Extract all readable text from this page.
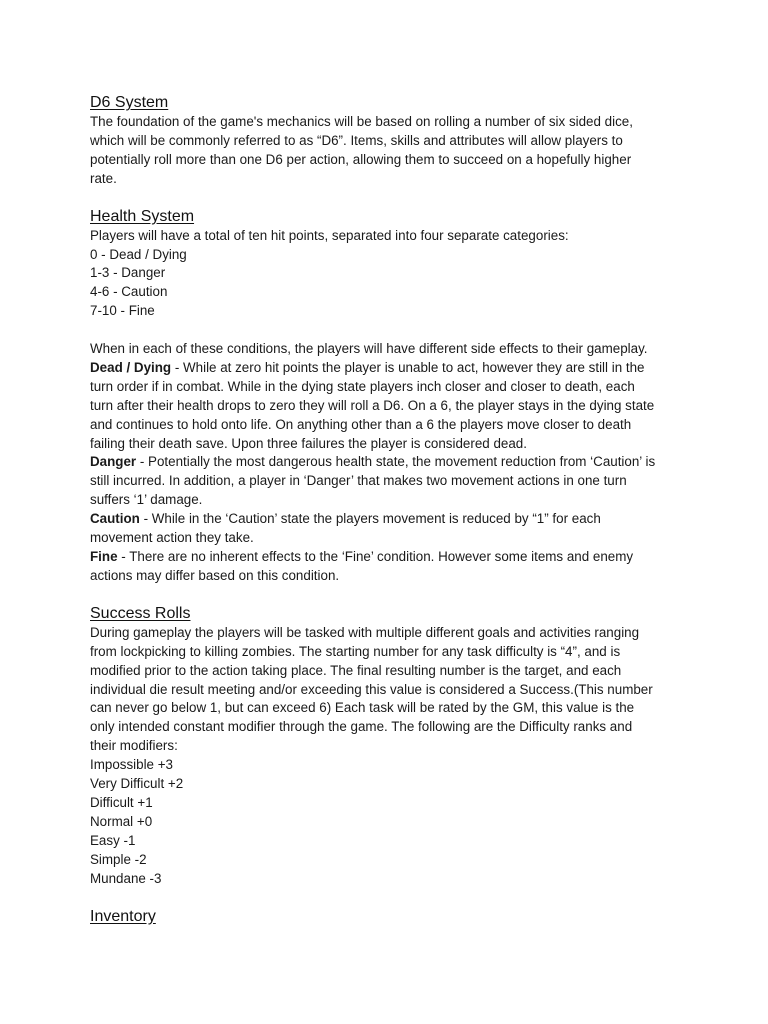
D6 System
The foundation of the game's mechanics will be based on rolling a number of six sided dice,
which will be commonly referred to as “D6”. Items, skills and attributes will allow players to
potentially roll more than one D6 per action, allowing them to succeed on a hopefully higher
rate.
Health System
Players will have a total of ten hit points, separated into four separate categories:
0 - Dead / Dying
1-3 - Danger
4-6 - Caution
7-10 - Fine
When in each of these conditions, the players will have different side effects to their gameplay.
Dead / Dying - While at zero hit points the player is unable to act, however they are still in the
turn order if in combat. While in the dying state players inch closer and closer to death, each
turn after their health drops to zero they will roll a D6. On a 6, the player stays in the dying state
and continues to hold onto life. On anything other than a 6 the players move closer to death
failing their death save. Upon three failures the player is considered dead.
Danger - Potentially the most dangerous health state, the movement reduction from ‘Caution’ is
still incurred. In addition, a player in ‘Danger’ that makes two movement actions in one turn
suffers ‘1’ damage.
Caution - While in the ‘Caution’ state the players movement is reduced by “1” for each
movement action they take.
Fine - There are no inherent effects to the ‘Fine’ condition. However some items and enemy
actions may differ based on this condition.
Success Rolls
During gameplay the players will be tasked with multiple different goals and activities ranging
from lockpicking to killing zombies. The starting number for any task difficulty is “4”, and is
modified prior to the action taking place. The final resulting number is the target, and each
individual die result meeting and/or exceeding this value is considered a Success.(This number
can never go below 1, but can exceed 6) Each task will be rated by the GM, this value is the
only intended constant modifier through the game. The following are the Difficulty ranks and
their modifiers:
Impossible +3
Very Difficult +2
Difficult +1
Normal +0
Easy -1
Simple -2
Mundane -3
Inventory
